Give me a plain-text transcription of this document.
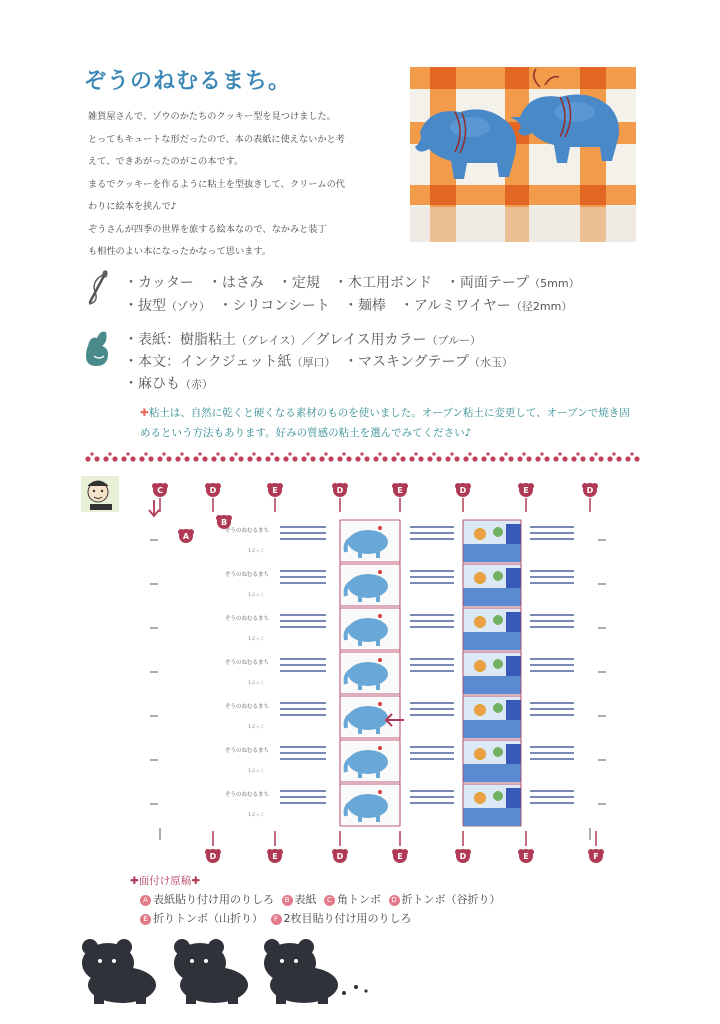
ぞうのねむるまち。

雑貨屋さんで、ゾウのかたちのクッキー型を見つけました。

とってもキュートな形だったので、本の表紙に使えないかと考

えて、できあがったのがこの本です。

まるでクッキーを作るように粘土を型抜きして、クリームの代

わりに絵本を挟んで♪

ぞうさんが四季の世界を旅する絵本なので、なかみと装丁

も相性のよい本になったかなって思います。

・カッター　・はさみ　・定規　・木工用ボンド　・両面テープ（5mm）
・抜型（ゾウ）　・シリコンシート　・麺棒　・アルミワイヤー（径2mm）
・表紙：樹脂粘土（グレイス）／グレイス用カラー（ブルー）
・本文：インクジェット紙（厚口）　・マスキングテープ（水玉）
・麻ひも（赤）
✚粘土は、自然に乾くと硬くなる素材のものを使いました。オーブン粘土に変更して、オーブンで焼き固めるという方法もあります。好みの質感の粘土を選んでみてください♪
C	D	E	D	E	D	E	D
D	E	D	E	D	E	F
A
B
ぞうのねむるまち
1ぶっく
ぞうのねむるまち
1ぶっく
ぞうのねむるまち
1ぶっく
ぞうのねむるまち
1ぶっく
ぞうのねむるまち
1ぶっく
ぞうのねむるまち
1ぶっく
ぞうのねむるまち
1ぶっく
✚面付け原稿✚
A 表紙貼り付け用のりしろ B 表紙 C 角トンボ D 折トンボ（谷折り）
E 折りトンボ（山折り） F 2枚目貼り付け用のりしろ
